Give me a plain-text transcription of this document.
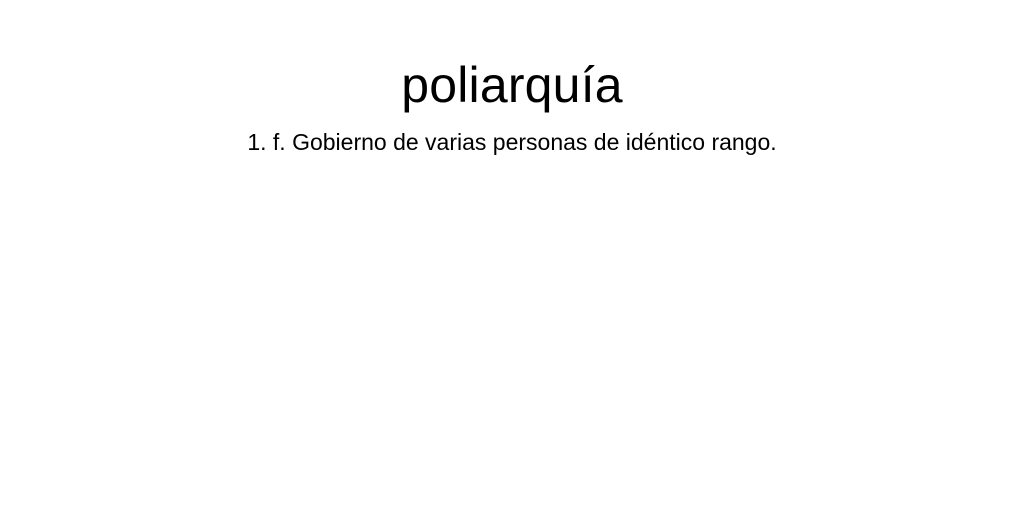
poliarquía

1. f. Gobierno de varias personas de idéntico rango.
